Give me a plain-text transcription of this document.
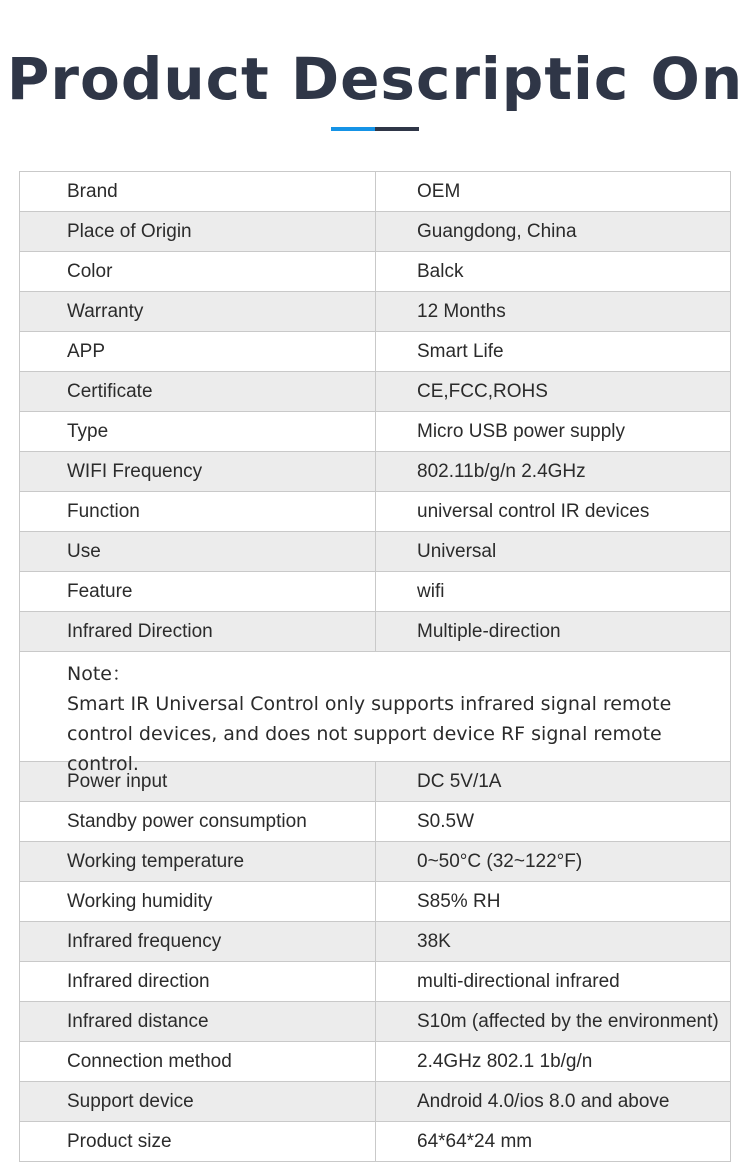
Product Descriptic On
Brand	OEM
Place of Origin	Guangdong, China
Color	Balck
Warranty	12 Months
APP	Smart Life
Certificate	CE,FCC,ROHS
Type	Micro USB power supply
WIFI Frequency	802.11b/g/n 2.4GHz
Function	universal control IR devices
Use	Universal
Feature	wifi
Infrared Direction	Multiple-direction
Note：
Smart IR Universal Control only supports infrared signal remote control devices, and does not support device RF signal remote control.
Power input	DC 5V/1A
Standby power consumption	S0.5W
Working temperature	0~50°C (32~122°F)
Working humidity	S85% RH
Infrared frequency	38K
Infrared direction	multi-directional infrared
Infrared distance	S10m (affected by the environment)
Connection method	2.4GHz 802.1 1b/g/n
Support device	Android 4.0/ios 8.0 and above
Product size	64*64*24 mm
